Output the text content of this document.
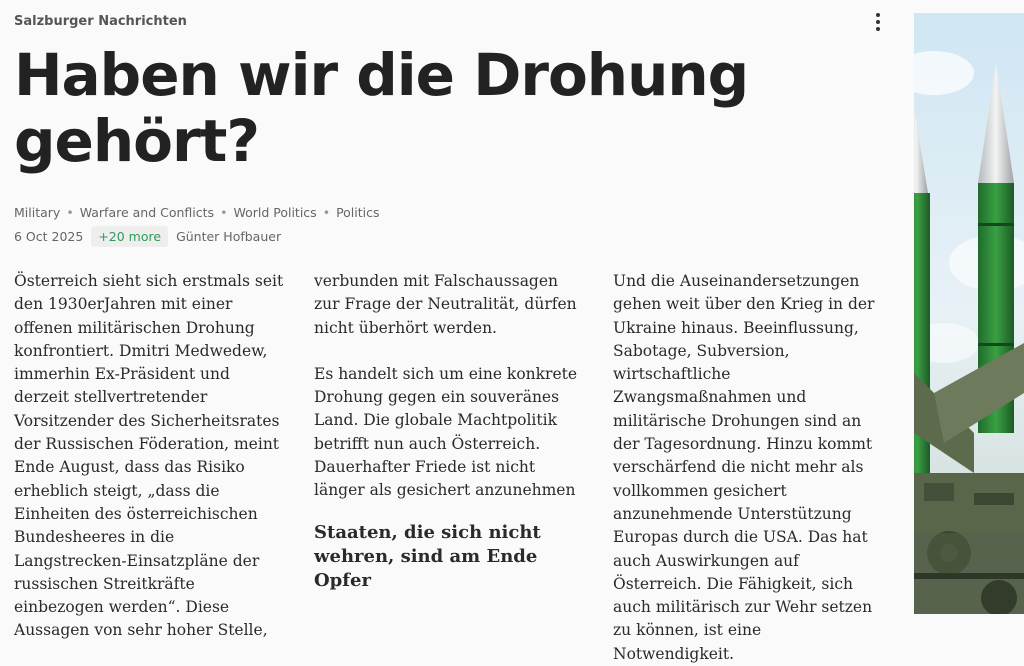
Salzburger Nachrichten
Haben wir die Drohung gehört?
Military • Warfare and Conflicts • World Politics • Politics
6 Oct 2025	+20 more	Günter Hofbauer

Österreich sieht sich erstmals seit den 1930erJahren mit einer offenen militärischen Drohung konfrontiert. Dmitri Medwedew, immerhin Ex-Präsident und derzeit stellvertretender Vorsitzender des Sicherheitsrates der Russischen Föderation, meint Ende August, dass das Risiko erheblich steigt, „dass die Einheiten des österreichischen Bundesheeres in die Langstrecken-Einsatzpläne der russischen Streitkräfte einbezogen werden“. Diese Aussagen von sehr hoher Stelle,

verbunden mit Falschaussagen zur Frage der Neutralität, dürfen nicht überhört werden.

Es handelt sich um eine konkrete Drohung gegen ein souveränes Land. Die globale Machtpolitik betrifft nun auch Österreich. Dauerhafter Friede ist nicht länger als gesichert anzunehmen

Staaten, die sich nicht wehren, sind am Ende Opfer

Und die Auseinandersetzungen gehen weit über den Krieg in der Ukraine hinaus. Beeinflussung, Sabotage, Subversion, wirtschaftliche Zwangsmaßnahmen und militärische Drohungen sind an der Tagesordnung. Hinzu kommt verschärfend die nicht mehr als vollkommen gesichert anzunehmende Unterstützung Europas durch die USA. Das hat auch Auswirkungen auf Österreich. Die Fähigkeit, sich auch militärisch zur Wehr setzen zu können, ist eine Notwendigkeit.
